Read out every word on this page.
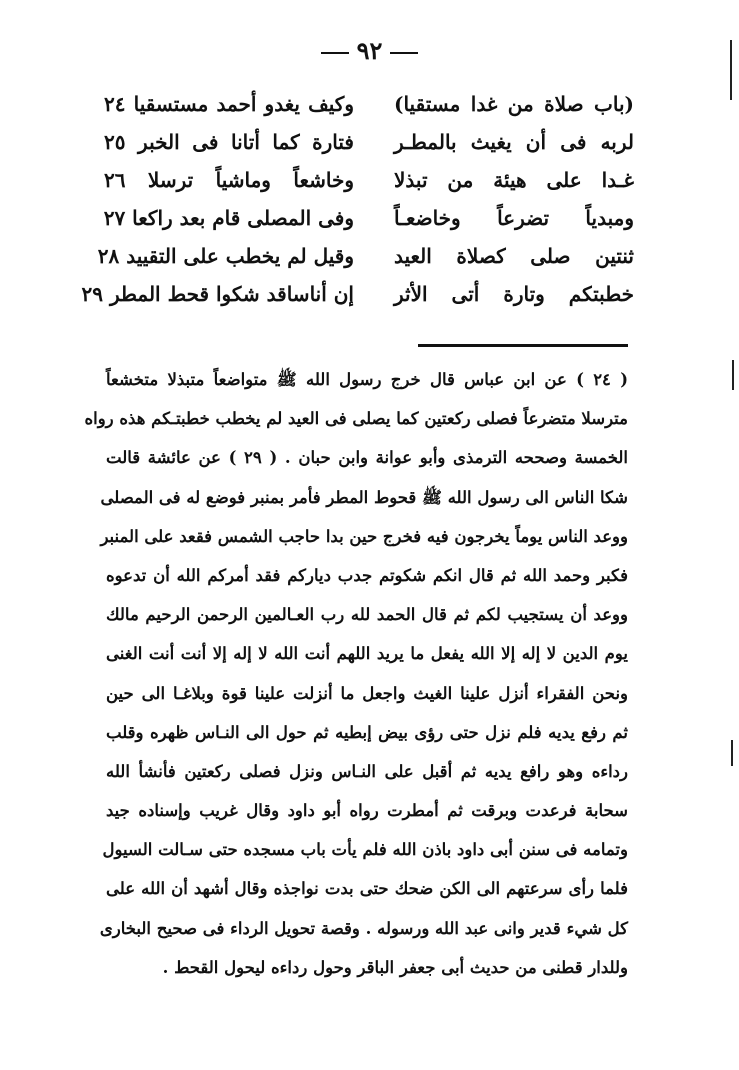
٩٢
(باب صلاة من غدا مستقيا)
وكيف يغدو أحمد مستسقيا ٢٤
لربه فى أن يغيث بالمطـر
فتارة كما أتانا فى الخبر ٢٥
غـدا على هيئة من تبذلا
وخاشعاً وماشياً ترسلا ٢٦
ومبدياً تضرعاً وخاضعـاً
وفى المصلى قام بعد راكعا ٢٧
ثنتين صلى كصلاة العيد
وقيل لم يخطب على التقييد ٢٨
خطبتكم وتارة أتى الأثر
إن أناساقد شكوا قحط المطر ٢٩
( ٢٤ ) عن ابن عباس قال خرج رسول الله ﷺ متواضعاً متبذلا متخشعاً
مترسلا متضرعاً فصلى ركعتين كما يصلى فى العيد لم يخطب خطبتـكم هذه رواه
الخمسة وصححه الترمذى وأبو عوانة وابن حبان . ( ٢٩ ) عن عائشة قالت
شكا الناس الى رسول الله ﷺ قحوط المطر فأمر بمنبر فوضع له فى المصلى
ووعد الناس يوماً يخرجون فيه فخرج حين بدا حاجب الشمس فقعد على المنبر
فكبر وحمد الله ثم قال انكم شكوتم جدب دياركم فقد أمركم الله أن تدعوه
ووعد أن يستجيب لكم ثم قال الحمد لله رب العـالمين الرحمن الرحيم مالك
يوم الدين لا إله إلا الله يفعل ما يريد اللهم أنت الله لا إله إلا أنت أنت الغنى
ونحن الفقراء أنزل علينا الغيث واجعل ما أنزلت علينا قوة وبلاغـا الى حين
ثم رفع يديه فلم نزل حتى رؤى بيض إبطيه ثم حول الى النـاس ظهره وقلب
رداءه وهو رافع يديه ثم أقبل على النـاس ونزل فصلى ركعتين فأنشأ الله
سحابة فرعدت وبرقت ثم أمطرت رواه أبو داود وقال غريب وإسناده جيد
وتمامه فى سنن أبى داود باذن الله فلم يأت باب مسجده حتى سـالت السيول
فلما رأى سرعتهم الى الكن ضحك حتى بدت نواجذه وقال أشهد أن الله على
كل شيء قدير وانى عبد الله ورسوله . وقصة تحويل الرداء فى صحيح البخارى
وللدار قطنى من حديث أبى جعفر الباقر وحول رداءه ليحول القحط .
